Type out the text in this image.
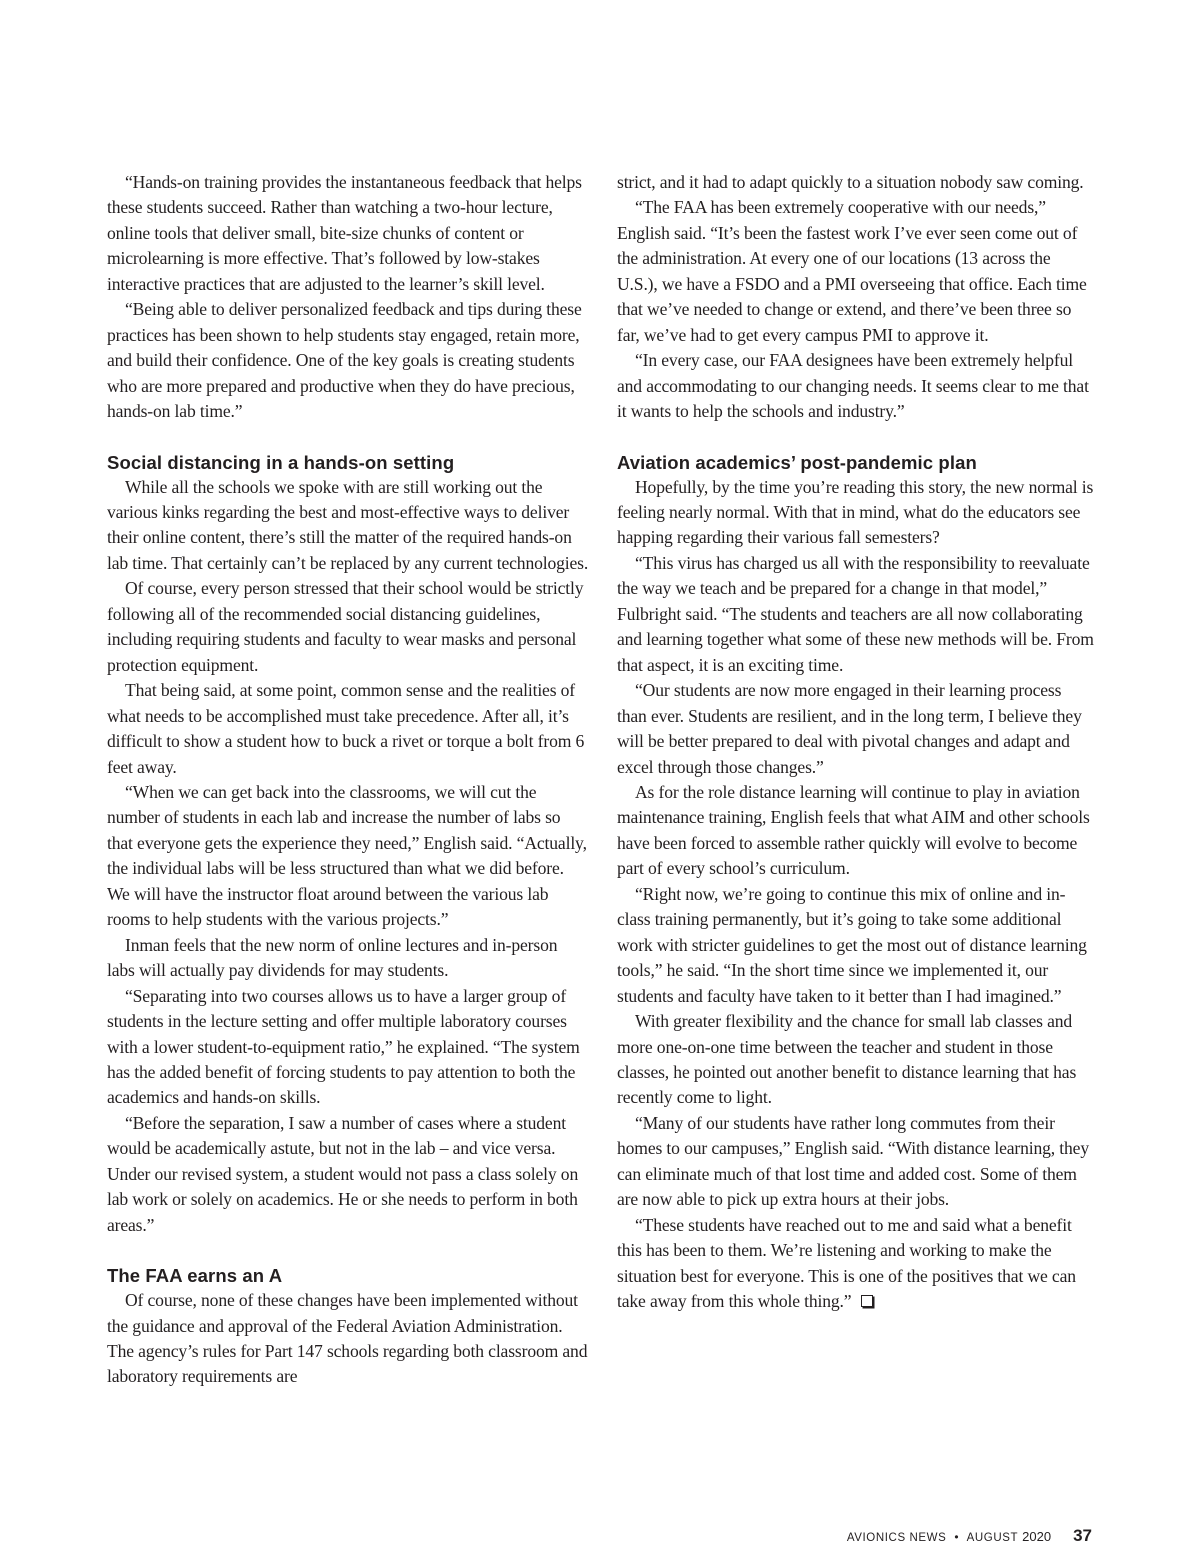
“Hands-on training provides the instantaneous feedback that helps these students succeed. Rather than watching a two-hour lecture, online tools that deliver small, bite-size chunks of content or microlearning is more effective. That’s followed by low-stakes interactive practices that are adjusted to the learner’s skill level.

“Being able to deliver personalized feedback and tips during these practices has been shown to help students stay engaged, retain more, and build their confidence. One of the key goals is creating students who are more prepared and productive when they do have precious, hands-on lab time.”

Social distancing in a hands-on setting

While all the schools we spoke with are still working out the various kinks regarding the best and most-effective ways to deliver their online content, there’s still the matter of the required hands-on lab time. That certainly can’t be replaced by any current technologies.

Of course, every person stressed that their school would be strictly following all of the recommended social distancing guidelines, including requiring students and faculty to wear masks and personal protection equipment.

That being said, at some point, common sense and the realities of what needs to be accomplished must take precedence. After all, it’s difficult to show a student how to buck a rivet or torque a bolt from 6 feet away.

“When we can get back into the classrooms, we will cut the number of students in each lab and increase the number of labs so that everyone gets the experience they need,” English said. “Actually, the individual labs will be less structured than what we did before. We will have the instructor float around between the various lab rooms to help students with the various projects.”

Inman feels that the new norm of online lectures and in-person labs will actually pay dividends for may students.

“Separating into two courses allows us to have a larger group of students in the lecture setting and offer multiple laboratory courses with a lower student-to-equipment ratio,” he explained. “The system has the added benefit of forcing students to pay attention to both the academics and hands-on skills.

“Before the separation, I saw a number of cases where a student would be academically astute, but not in the lab – and vice versa. Under our revised system, a student would not pass a class solely on lab work or solely on academics. He or she needs to perform in both areas.”

The FAA earns an A

Of course, none of these changes have been implemented without the guidance and approval of the Federal Aviation Administration. The agency’s rules for Part 147 schools regarding both classroom and laboratory requirements are

strict, and it had to adapt quickly to a situation nobody saw coming.

“The FAA has been extremely cooperative with our needs,” English said. “It’s been the fastest work I’ve ever seen come out of the administration. At every one of our locations (13 across the U.S.), we have a FSDO and a PMI overseeing that office. Each time that we’ve needed to change or extend, and there’ve been three so far, we’ve had to get every campus PMI to approve it.

“In every case, our FAA designees have been extremely helpful and accommodating to our changing needs. It seems clear to me that it wants to help the schools and industry.”

Aviation academics’ post-pandemic plan

Hopefully, by the time you’re reading this story, the new normal is feeling nearly normal. With that in mind, what do the educators see happing regarding their various fall semesters?

“This virus has charged us all with the responsibility to reevaluate the way we teach and be prepared for a change in that model,” Fulbright said. “The students and teachers are all now collaborating and learning together what some of these new methods will be. From that aspect, it is an exciting time.

“Our students are now more engaged in their learning process than ever. Students are resilient, and in the long term, I believe they will be better prepared to deal with pivotal changes and adapt and excel through those changes.”

As for the role distance learning will continue to play in aviation maintenance training, English feels that what AIM and other schools have been forced to assemble rather quickly will evolve to become part of every school’s curriculum.

“Right now, we’re going to continue this mix of online and in-class training permanently, but it’s going to take some additional work with stricter guidelines to get the most out of distance learning tools,” he said. “In the short time since we implemented it, our students and faculty have taken to it better than I had imagined.”

With greater flexibility and the chance for small lab classes and more one-on-one time between the teacher and student in those classes, he pointed out another benefit to distance learning that has recently come to light.

“Many of our students have rather long commutes from their homes to our campuses,” English said. “With distance learning, they can eliminate much of that lost time and added cost. Some of them are now able to pick up extra hours at their jobs.

“These students have reached out to me and said what a benefit this has been to them. We’re listening and working to make the situation best for everyone. This is one of the positives that we can take away from this whole thing.”

AVIONICS NEWS • AUGUST 2020 37
